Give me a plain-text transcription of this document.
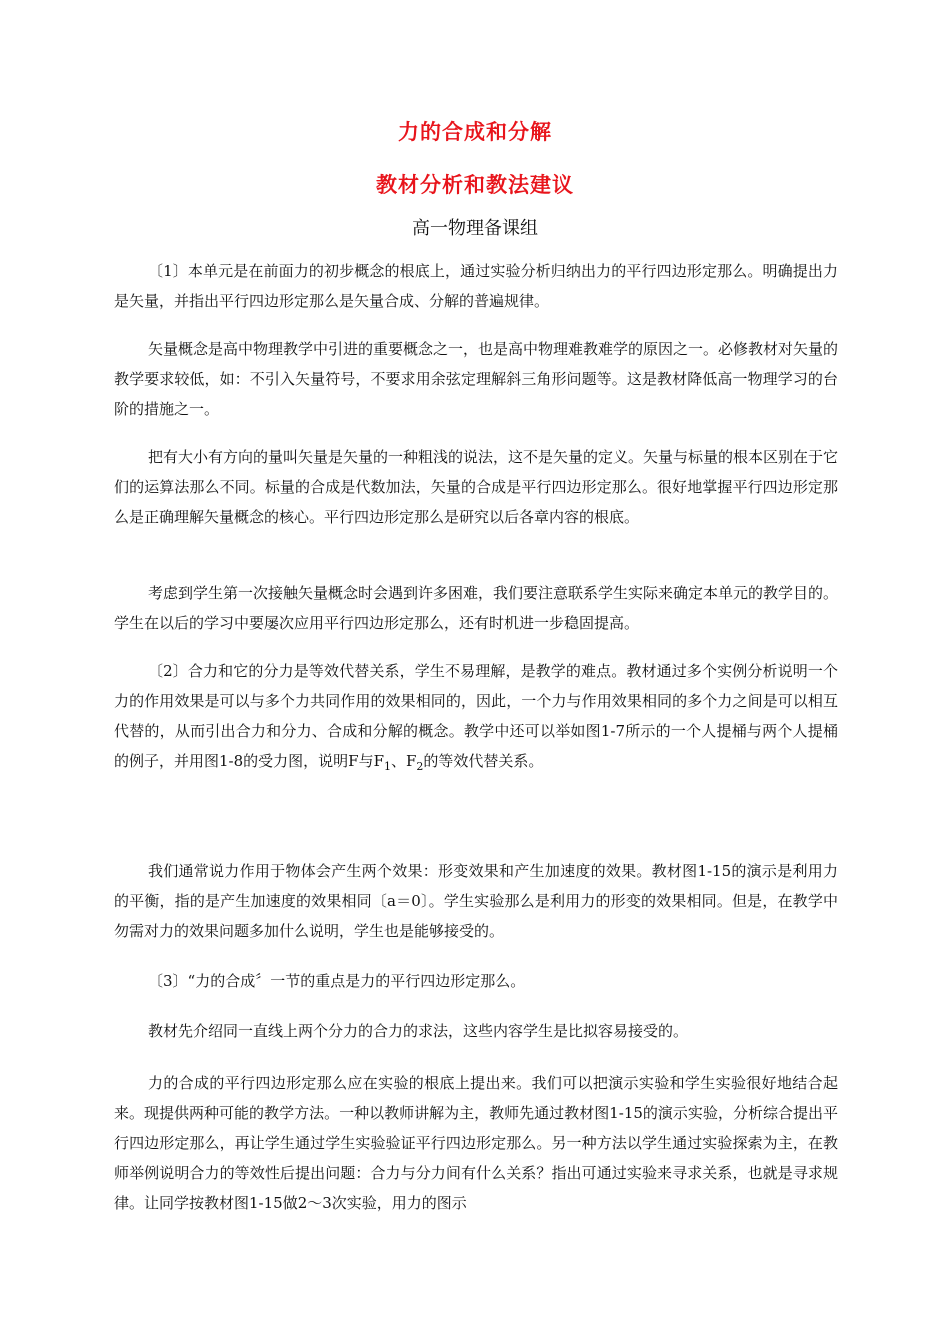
力的合成和分解
教材分析和教法建议
高一物理备课组

〔1〕本单元是在前面力的初步概念的根底上，通过实验分析归纳出力的平行四边形定那么。明确提出力是矢量，并指出平行四边形定那么是矢量合成、分解的普遍规律。

矢量概念是高中物理教学中引进的重要概念之一，也是高中物理难教难学的原因之一。必修教材对矢量的教学要求较低，如：不引入矢量符号，不要求用余弦定理解斜三角形问题等。这是教材降低高一物理学习的台阶的措施之一。

把有大小有方向的量叫矢量是矢量的一种粗浅的说法，这不是矢量的定义。矢量与标量的根本区别在于它们的运算法那么不同。标量的合成是代数加法，矢量的合成是平行四边形定那么。很好地掌握平行四边形定那么是正确理解矢量概念的核心。平行四边形定那么是研究以后各章内容的根底。

考虑到学生第一次接触矢量概念时会遇到许多困难，我们要注意联系学生实际来确定本单元的教学目的。学生在以后的学习中要屡次应用平行四边形定那么，还有时机进一步稳固提高。

〔2〕合力和它的分力是等效代替关系，学生不易理解，是教学的难点。教材通过多个实例分析说明一个力的作用效果是可以与多个力共同作用的效果相同的，因此，一个力与作用效果相同的多个力之间是可以相互代替的，从而引出合力和分力、合成和分解的概念。教学中还可以举如图1-7所示的一个人提桶与两个人提桶的例子，并用图1-8的受力图，说明F与$F_1$、$F_2$的等效代替关系。

我们通常说力作用于物体会产生两个效果：形变效果和产生加速度的效果。教材图1-15的演示是利用力的平衡，指的是产生加速度的效果相同〔a＝0〕。学生实验那么是利用力的形变的效果相同。但是，在教学中勿需对力的效果问题多加什么说明，学生也是能够接受的。

〔3〕“力的合成〞一节的重点是力的平行四边形定那么。

教材先介绍同一直线上两个分力的合力的求法，这些内容学生是比拟容易接受的。

力的合成的平行四边形定那么应在实验的根底上提出来。我们可以把演示实验和学生实验很好地结合起来。现提供两种可能的教学方法。一种以教师讲解为主，教师先通过教材图1-15的演示实验，分析综合提出平行四边形定那么，再让学生通过学生实验验证平行四边形定那么。另一种方法以学生通过实验探索为主，在教师举例说明合力的等效性后提出问题：合力与分力间有什么关系？指出可通过实验来寻求关系，也就是寻求规律。让同学按教材图1-15做2～3次实验，用力的图示
